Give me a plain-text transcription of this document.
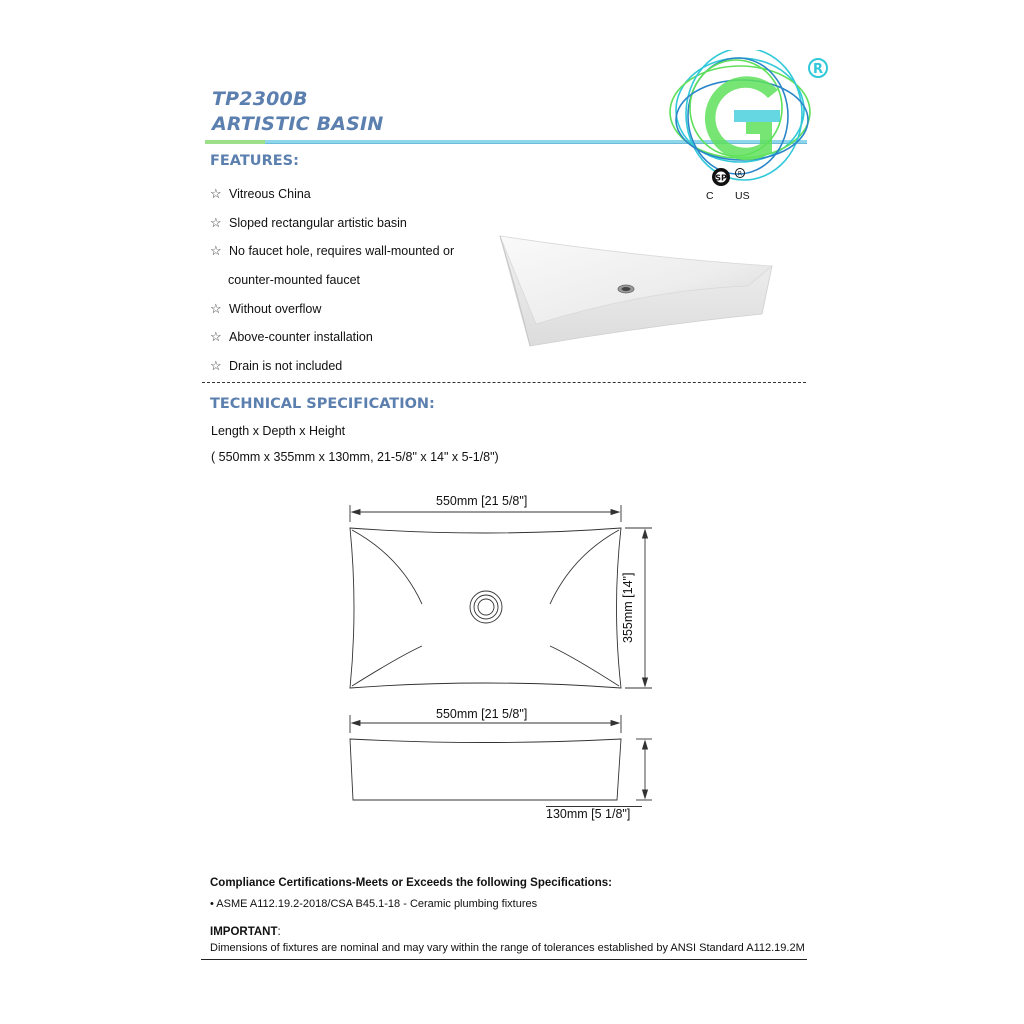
TP2300B
ARTISTIC BASIN
R
SP R
C US
FEATURES:
☆ Vitreous China
☆ Sloped rectangular artistic basin
☆ No faucet hole, requires wall-mounted or
counter-mounted faucet
☆ Without overflow
☆ Above-counter installation
☆ Drain is not included
TECHNICAL SPECIFICATION:
Length x Depth x Height
( 550mm x 355mm x 130mm, 21-5/8" x 14" x 5-1/8")
550mm [21 5/8"]
355mm [14"]
550mm [21 5/8"]
130mm [5 1/8"]
Compliance Certifications-Meets or Exceeds the following Specifications:
• ASME A112.19.2-2018/CSA B45.1-18 - Ceramic plumbing fixtures
IMPORTANT:
Dimensions of fixtures are nominal and may vary within the range of tolerances established by ANSI Standard A112.19.2M
